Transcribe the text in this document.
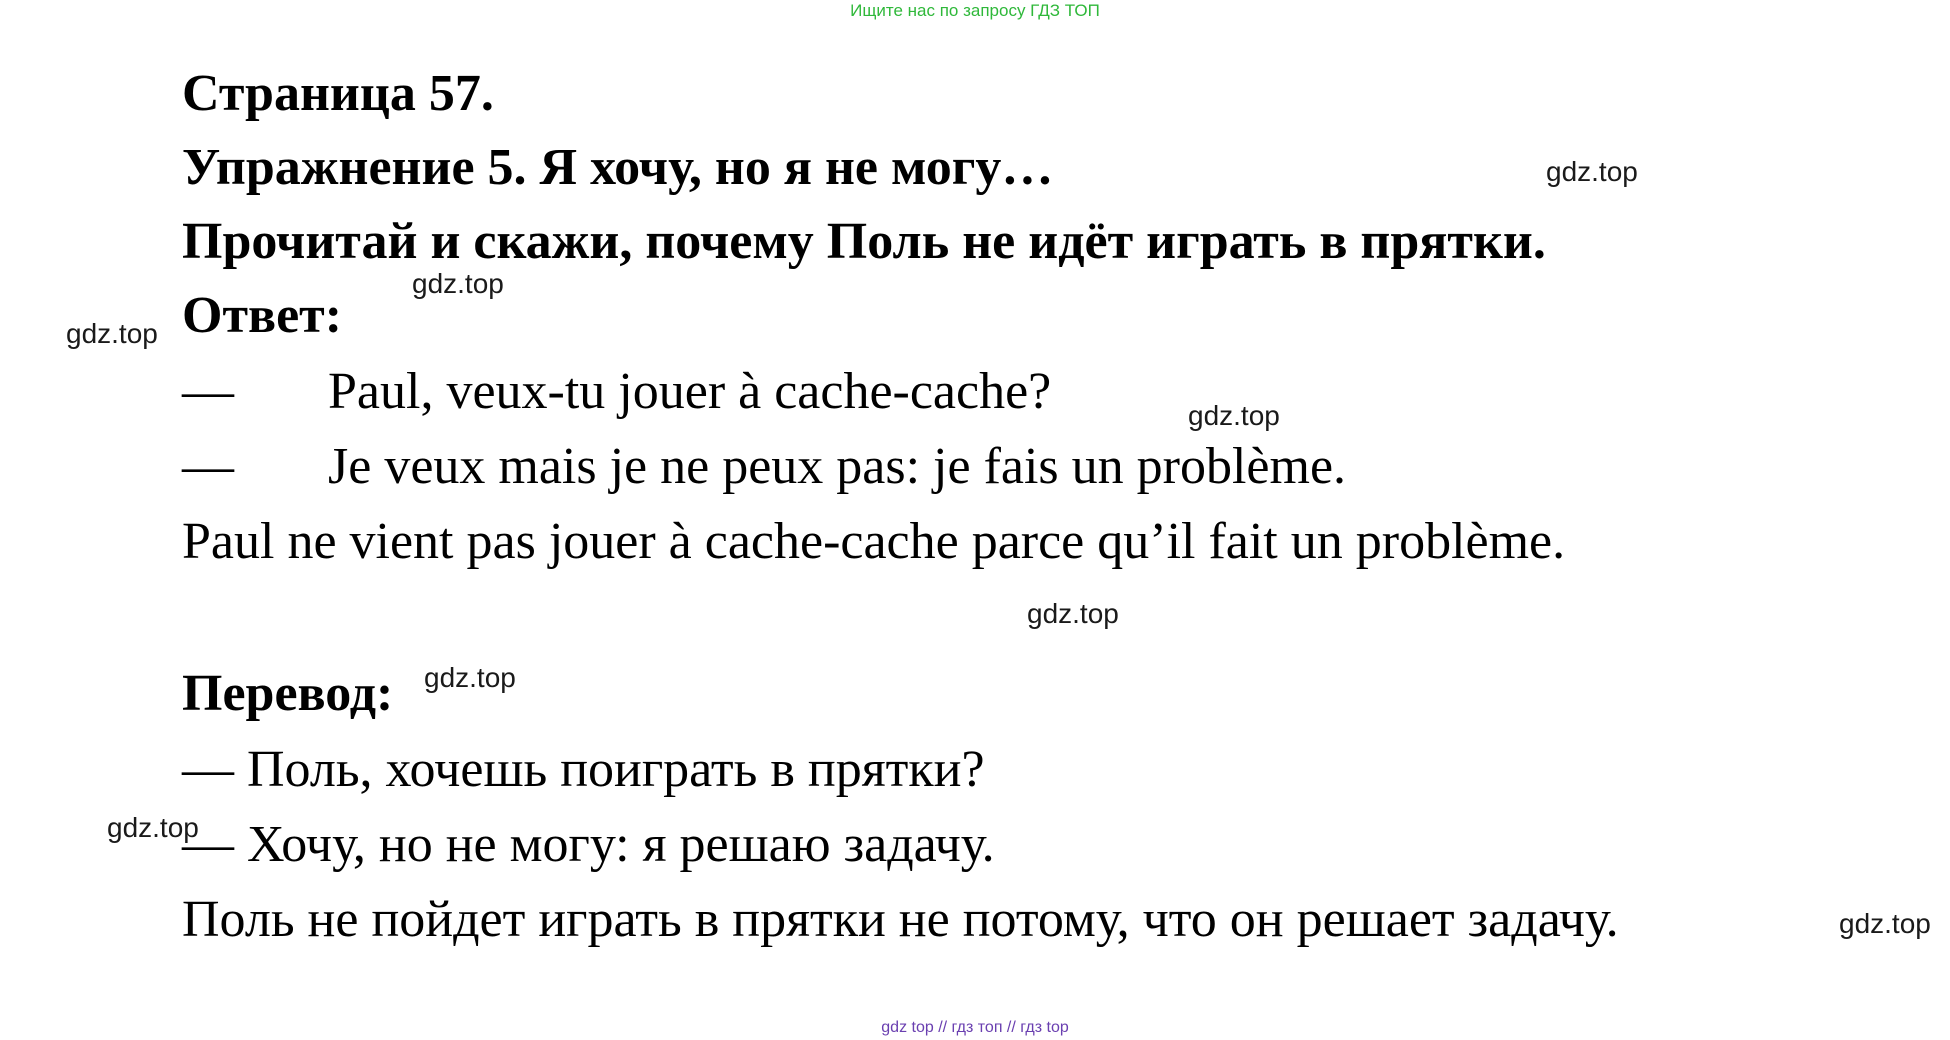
Ищите нас по запросу ГДЗ ТОП
Страница 57.
Упражнение 5. Я хочу, но я не могу…
Прочитай и скажи, почему Поль не идёт играть в прятки.
Ответ:
— Paul, veux-tu jouer à cache-cache?
— Je veux mais je ne peux pas: je fais un problème.
Paul ne vient pas jouer à cache-cache parce qu’il fait un problème.
Перевод:
— Поль, хочешь поиграть в прятки?
— Хочу, но не могу: я решаю задачу.
Поль не пойдет играть в прятки не потому, что он решает задачу.
gdz.top
gdz.top
gdz.top
gdz.top
gdz.top
gdz.top
gdz.top
gdz.top
gdz top // гдз топ // гдз top
